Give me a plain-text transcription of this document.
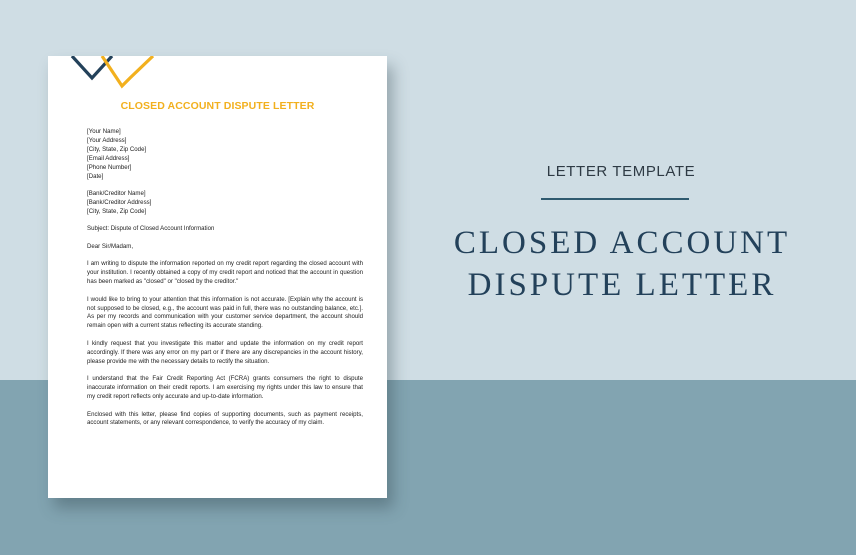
CLOSED ACCOUNT DISPUTE LETTER
[Your Name]
[Your Address]
[City, State, Zip Code]
[Email Address]
[Phone Number]
[Date]
[Bank/Creditor Name]
[Bank/Creditor Address]
[City, State, Zip Code]
Subject: Dispute of Closed Account Information
Dear Sir/Madam,
I am writing to dispute the information reported on my credit report regarding the closed account with your institution. I recently obtained a copy of my credit report and noticed that the account in question has been marked as "closed" or "closed by the creditor."
I would like to bring to your attention that this information is not accurate. [Explain why the account is not supposed to be closed, e.g., the account was paid in full, there was no outstanding balance, etc.]. As per my records and communication with your customer service department, the account should remain open with a current status reflecting its accurate standing.
I kindly request that you investigate this matter and update the information on my credit report accordingly. If there was any error on my part or if there are any discrepancies in the account history, please provide me with the necessary details to rectify the situation.
I understand that the Fair Credit Reporting Act (FCRA) grants consumers the right to dispute inaccurate information on their credit reports. I am exercising my rights under this law to ensure that my credit report reflects only accurate and up-to-date information.
Enclosed with this letter, please find copies of supporting documents, such as payment receipts, account statements, or any relevant correspondence, to verify the accuracy of my claim.
LETTER TEMPLATE
CLOSED ACCOUNT
DISPUTE LETTER
